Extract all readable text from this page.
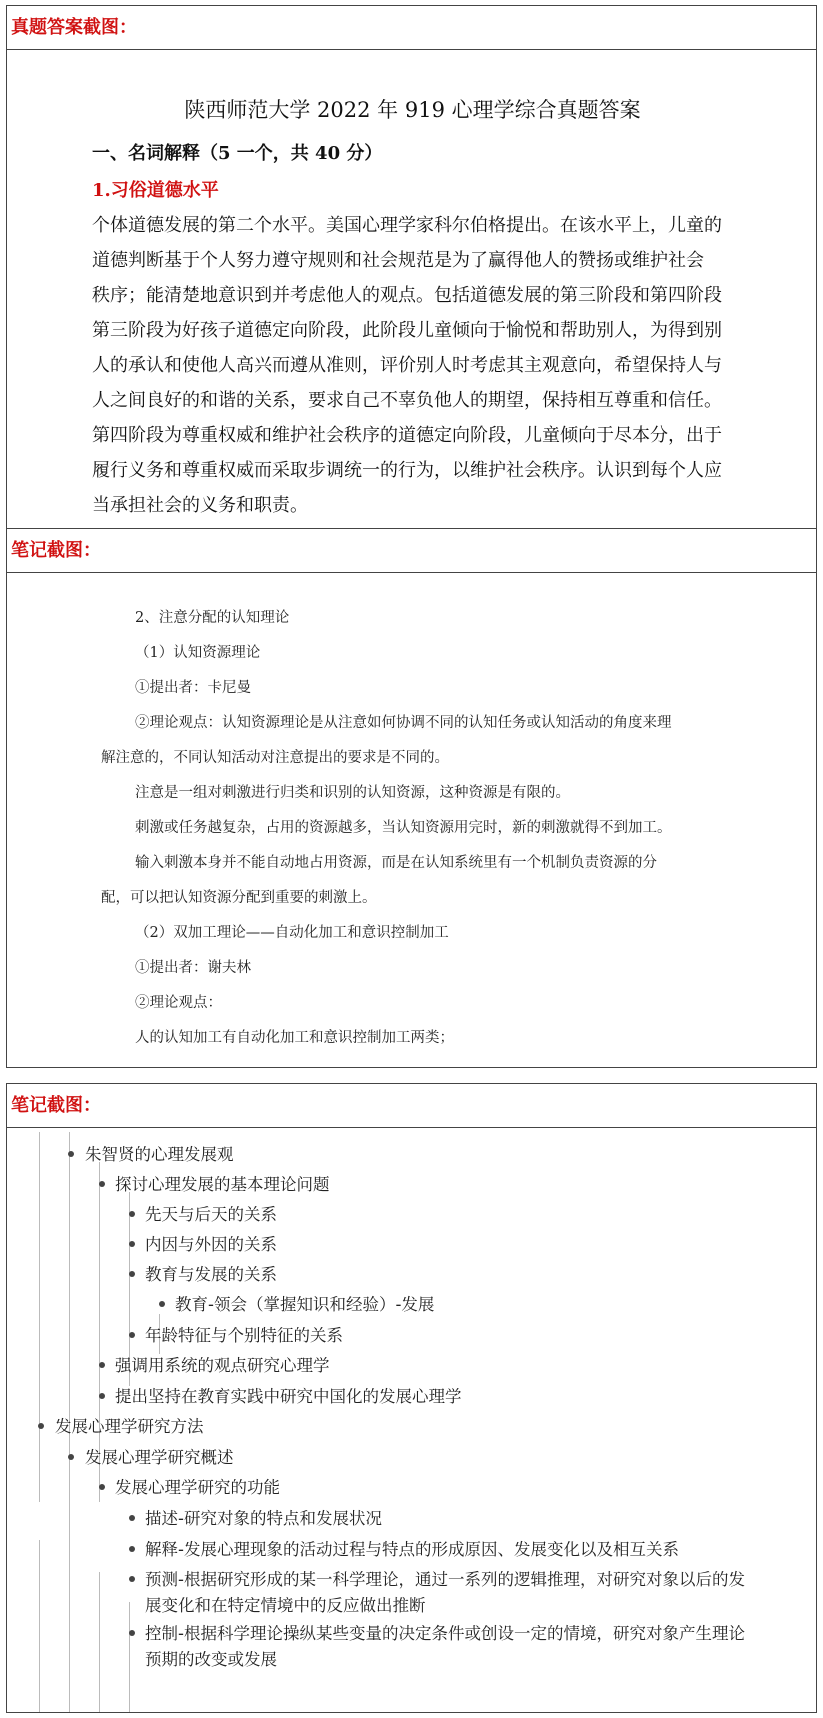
真题答案截图：
陕西师范大学 2022 年 919 心理学综合真题答案
一、名词解释（5 一个，共 40 分）
1.习俗道德水平
个体道德发展的第二个水平。美国心理学家科尔伯格提出。在该水平上，儿童的
道德判断基于个人努力遵守规则和社会规范是为了赢得他人的赞扬或维护社会
秩序；能清楚地意识到并考虑他人的观点。包括道德发展的第三阶段和第四阶段
第三阶段为好孩子道德定向阶段，此阶段儿童倾向于愉悦和帮助别人，为得到别
人的承认和使他人高兴而遵从准则，评价别人时考虑其主观意向，希望保持人与
人之间良好的和谐的关系，要求自己不辜负他人的期望，保持相互尊重和信任。
第四阶段为尊重权威和维护社会秩序的道德定向阶段，儿童倾向于尽本分，出于
履行义务和尊重权威而采取步调统一的行为，以维护社会秩序。认识到每个人应
当承担社会的义务和职责。
笔记截图：
2、注意分配的认知理论
（1）认知资源理论
①提出者：卡尼曼
②理论观点：认知资源理论是从注意如何协调不同的认知任务或认知活动的角度来理
解注意的，不同认知活动对注意提出的要求是不同的。
注意是一组对刺激进行归类和识别的认知资源，这种资源是有限的。
刺激或任务越复杂，占用的资源越多，当认知资源用完时，新的刺激就得不到加工。
输入刺激本身并不能自动地占用资源，而是在认知系统里有一个机制负责资源的分
配，可以把认知资源分配到重要的刺激上。
（2）双加工理论——自动化加工和意识控制加工
①提出者：谢夫林
②理论观点：
人的认知加工有自动化加工和意识控制加工两类；
笔记截图：
朱智贤的心理发展观
探讨心理发展的基本理论问题
先天与后天的关系
内因与外因的关系
教育与发展的关系
教育-领会（掌握知识和经验）-发展
年龄特征与个别特征的关系
强调用系统的观点研究心理学
提出坚持在教育实践中研究中国化的发展心理学
发展心理学研究方法
发展心理学研究概述
发展心理学研究的功能
描述-研究对象的特点和发展状况
解释-发展心理现象的活动过程与特点的形成原因、发展变化以及相互关系
预测-根据研究形成的某一科学理论，通过一系列的逻辑推理，对研究对象以后的发
展变化和在特定情境中的反应做出推断
控制-根据科学理论操纵某些变量的决定条件或创设一定的情境，研究对象产生理论
预期的改变或发展
